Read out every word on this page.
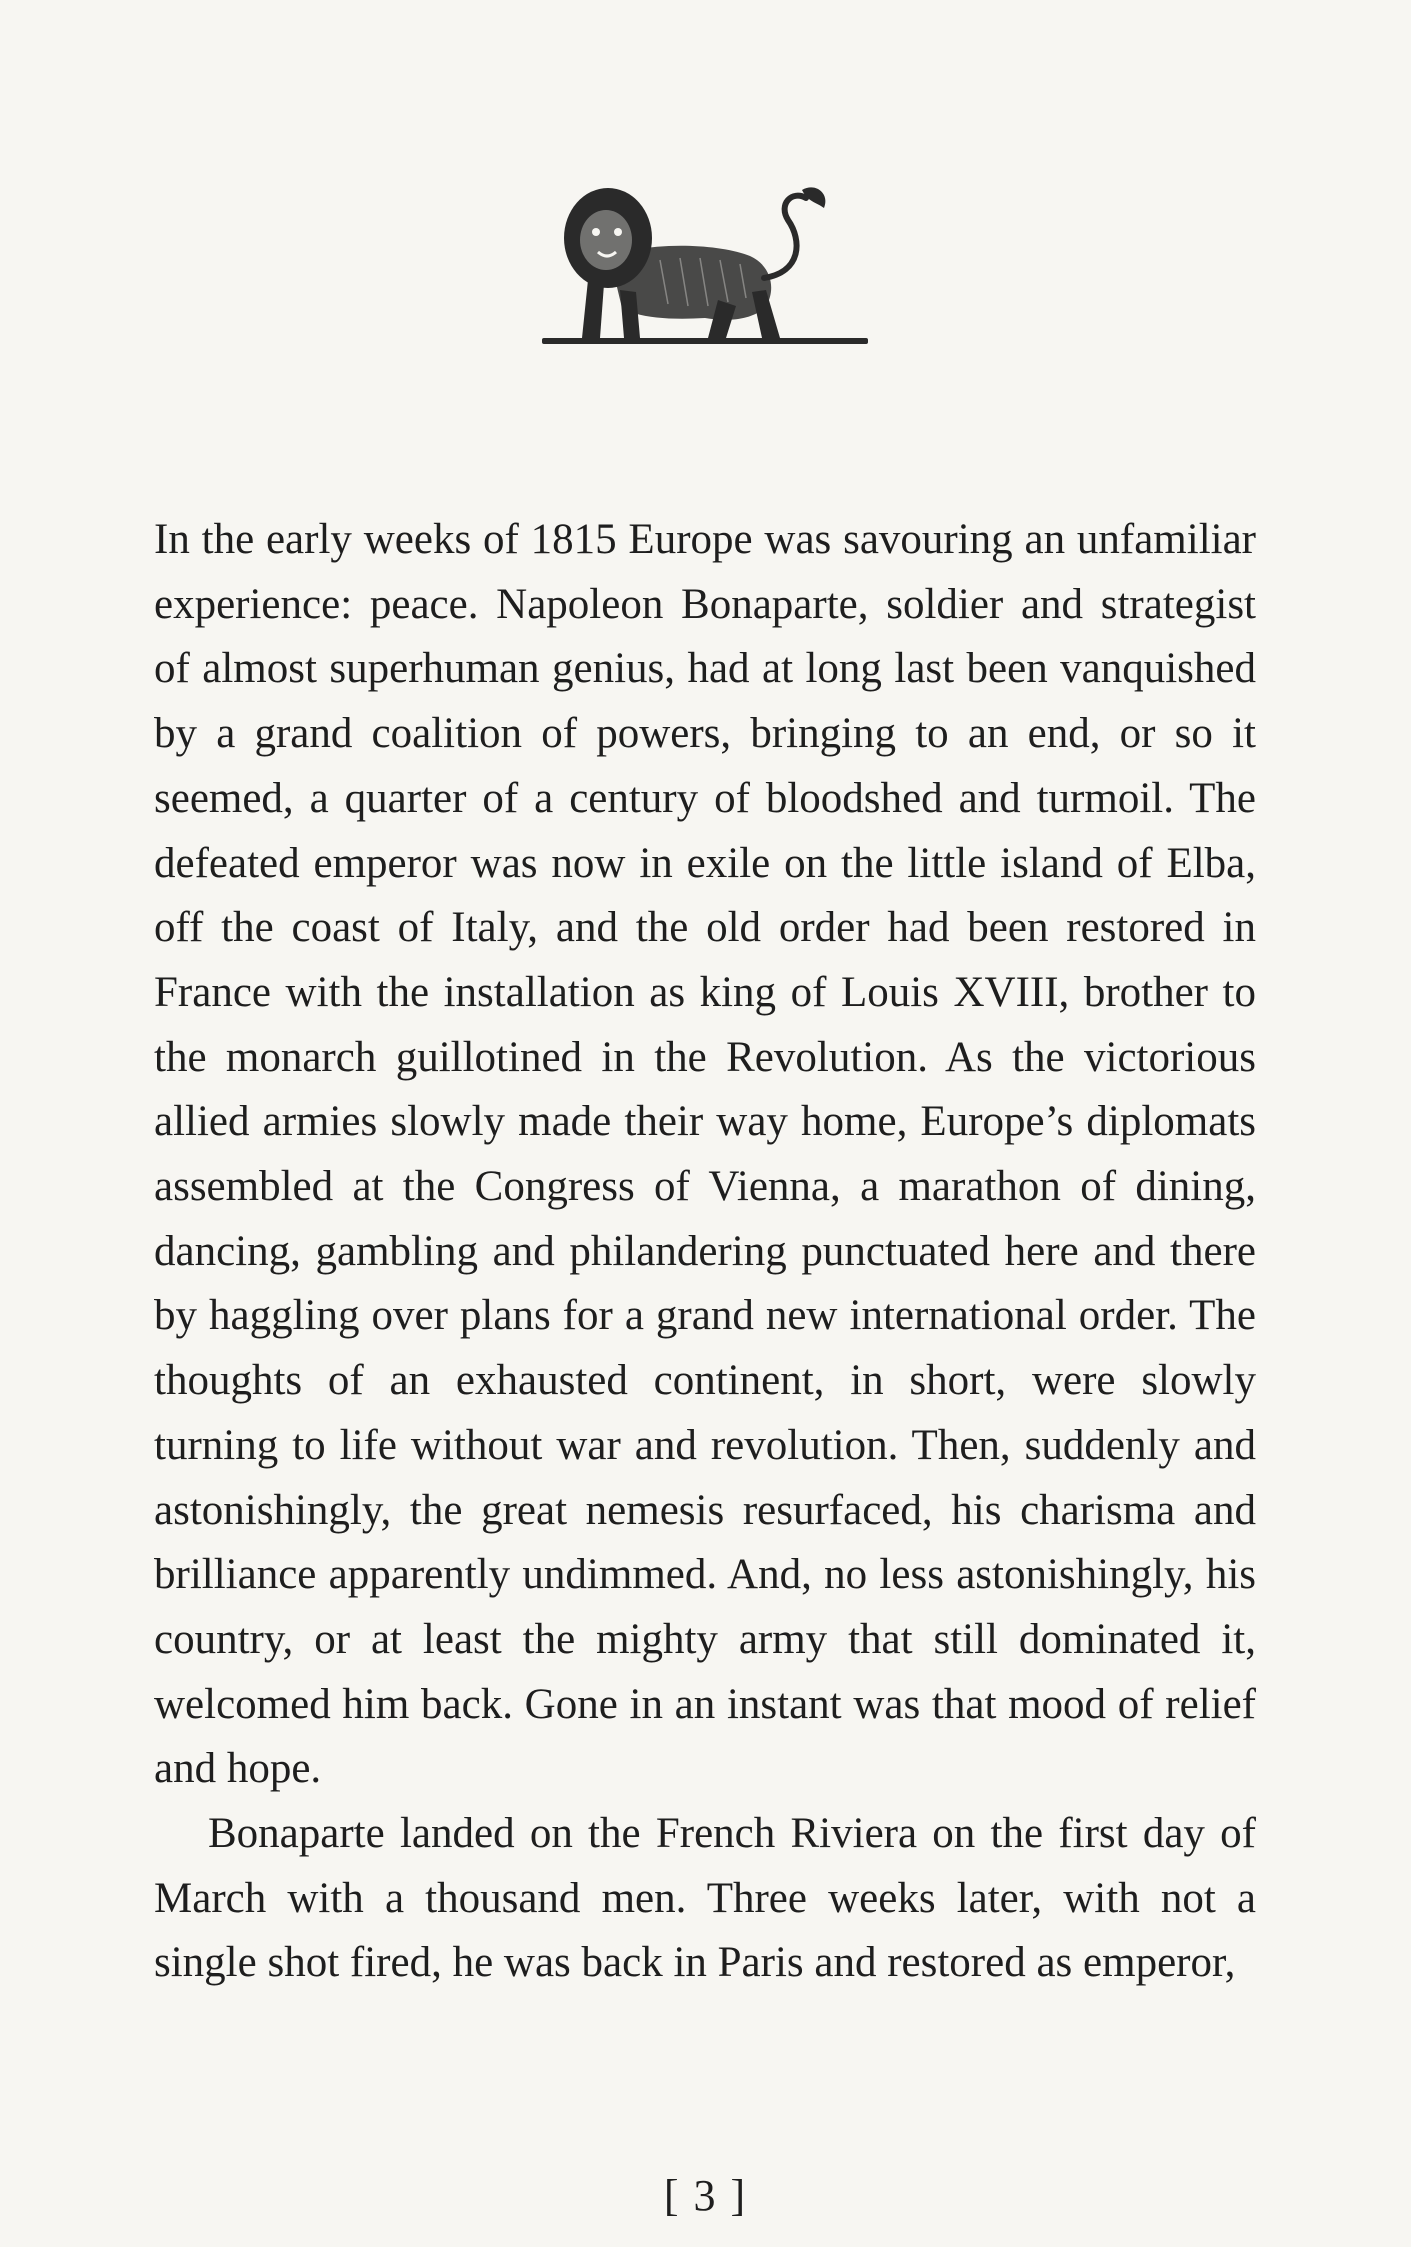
In the early weeks of 1815 Europe was savouring an unfamiliar experience: peace. Napoleon Bonaparte, soldier and strategist of almost superhuman genius, had at long last been vanquished by a grand coalition of powers, bringing to an end, or so it seemed, a quarter of a century of bloodshed and turmoil. The defeated emperor was now in exile on the little island of Elba, off the coast of Italy, and the old order had been restored in France with the installation as king of Louis XVIII, brother to the monarch guillotined in the Revolution. As the victorious allied armies slowly made their way home, Europe’s diplomats assembled at the Congress of Vienna, a marathon of dining, dancing, gambling and philandering punctuated here and there by haggling over plans for a grand new international order. The thoughts of an exhausted continent, in short, were slowly turning to life without war and revolution. Then, suddenly and astonishingly, the great nemesis resurfaced, his charisma and brilliance apparently undimmed. And, no less astonishingly, his country, or at least the mighty army that still dominated it, welcomed him back. Gone in an instant was that mood of relief and hope.

Bonaparte landed on the French Riviera on the first day of March with a thousand men. Three weeks later, with not a single shot fired, he was back in Paris and restored as emperor,

[ 3 ]
